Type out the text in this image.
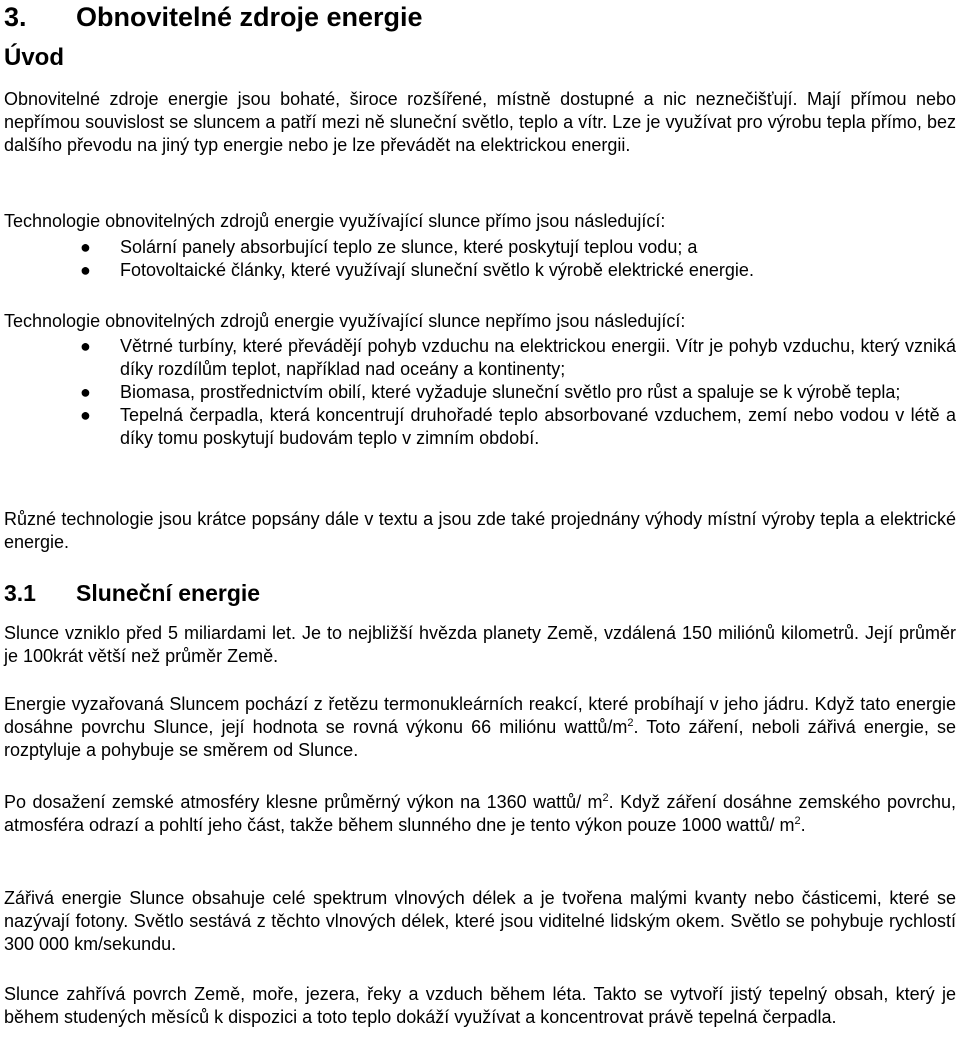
3. Obnovitelné zdroje energie
Úvod
Obnovitelné zdroje energie jsou bohaté, široce rozšířené, místně dostupné a nic neznečišťují. Mají přímou nebo nepřímou souvislost se sluncem a patří mezi ně sluneční světlo, teplo a vítr. Lze je využívat pro výrobu tepla přímo, bez dalšího převodu na jiný typ energie nebo je lze převádět na elektrickou energii.
Technologie obnovitelných zdrojů energie využívající slunce přímo jsou následující:
● Solární panely absorbující teplo ze slunce, které poskytují teplou vodu; a
● Fotovoltaické články, které využívají sluneční světlo k výrobě elektrické energie.
Technologie obnovitelných zdrojů energie využívající slunce nepřímo jsou následující:
● Větrné turbíny, které převádějí pohyb vzduchu na elektrickou energii. Vítr je pohyb vzduchu, který vzniká díky rozdílům teplot, například nad oceány a kontinenty;
● Biomasa, prostřednictvím obilí, které vyžaduje sluneční světlo pro růst a spaluje se k výrobě tepla;
● Tepelná čerpadla, která koncentrují druhořadé teplo absorbované vzduchem, zemí nebo vodou v létě a díky tomu poskytují budovám teplo v zimním období.
Různé technologie jsou krátce popsány dále v textu a jsou zde také projednány výhody místní výroby tepla a elektrické energie.
3.1 Sluneční energie
Slunce vzniklo před 5 miliardami let. Je to nejbližší hvězda planety Země, vzdálená 150 miliónů kilometrů. Její průměr je 100krát větší než průměr Země.
Energie vyzařovaná Sluncem pochází z řetězu termonukleárních reakcí, které probíhají v jeho jádru. Když tato energie dosáhne povrchu Slunce, její hodnota se rovná výkonu 66 miliónu wattů/$m^2$. Toto záření, neboli zářivá energie, se rozptyluje a pohybuje se směrem od Slunce.
Po dosažení zemské atmosféry klesne průměrný výkon na 1360 wattů/ $m^2$. Když záření dosáhne zemského povrchu, atmosféra odrazí a pohltí jeho část, takže během slunného dne je tento výkon pouze 1000 wattů/ $m^2$.
Zářivá energie Slunce obsahuje celé spektrum vlnových délek a je tvořena malými kvanty nebo částicemi, které se nazývají fotony. Světlo sestává z těchto vlnových délek, které jsou viditelné lidským okem. Světlo se pohybuje rychlostí 300 000 km/sekundu.
Slunce zahřívá povrch Země, moře, jezera, řeky a vzduch během léta. Takto se vytvoří jistý tepelný obsah, který je během studených měsíců k dispozici a toto teplo dokáží využívat a koncentrovat právě tepelná čerpadla.
